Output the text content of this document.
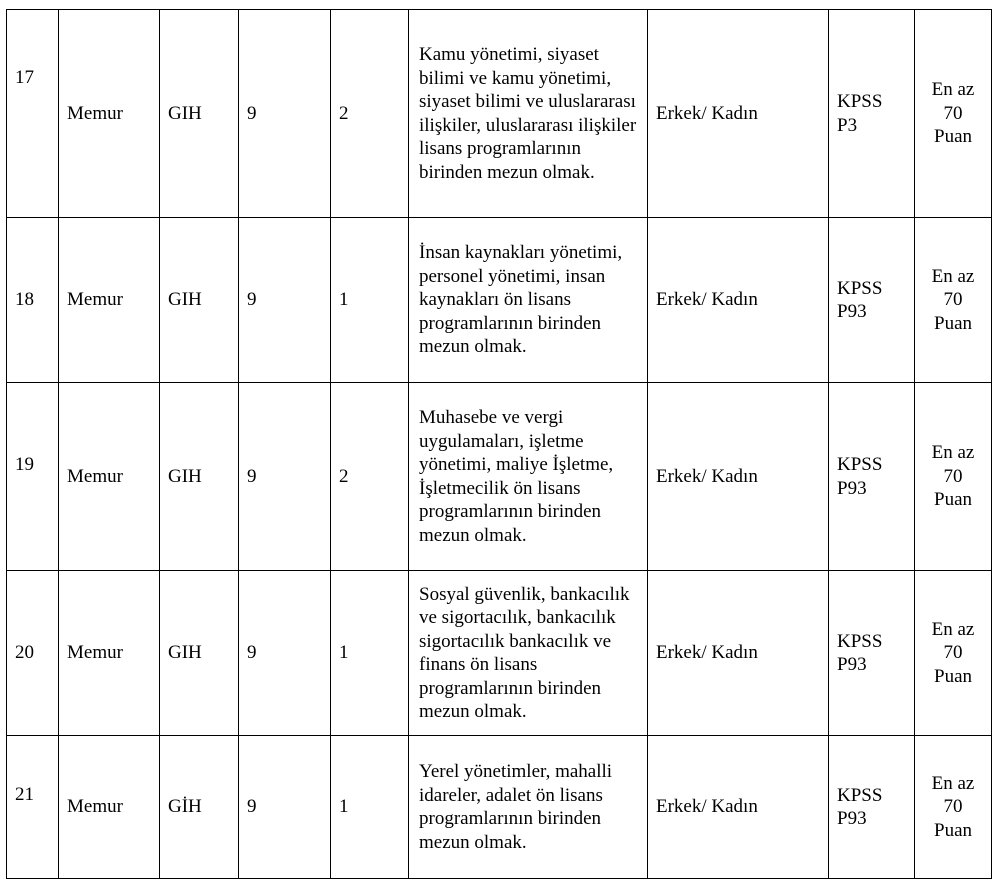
17	Memur	GIH	9	2	Kamu yönetimi, siyaset bilimi ve kamu yönetimi, siyaset bilimi ve uluslararası ilişkiler, uluslararası ilişkiler lisans programlarının birinden mezun olmak.	Erkek/ Kadın	KPSS P3	En az 70 Puan
18	Memur	GIH	9	1	İnsan kaynakları yönetimi, personel yönetimi, insan kaynakları ön lisans programlarının birinden mezun olmak.	Erkek/ Kadın	KPSS P93	En az 70 Puan
19	Memur	GIH	9	2	Muhasebe ve vergi uygulamaları, işletme yönetimi, maliye İşletme, İşletmecilik ön lisans programlarının birinden mezun olmak.	Erkek/ Kadın	KPSS P93	En az 70 Puan
20	Memur	GIH	9	1	Sosyal güvenlik, bankacılık ve sigortacılık, bankacılık sigortacılık bankacılık ve finans ön lisans programlarının birinden mezun olmak.	Erkek/ Kadın	KPSS P93	En az 70 Puan
21	Memur	GİH	9	1	Yerel yönetimler, mahalli idareler, adalet ön lisans programlarının birinden mezun olmak.	Erkek/ Kadın	KPSS P93	En az 70 Puan
